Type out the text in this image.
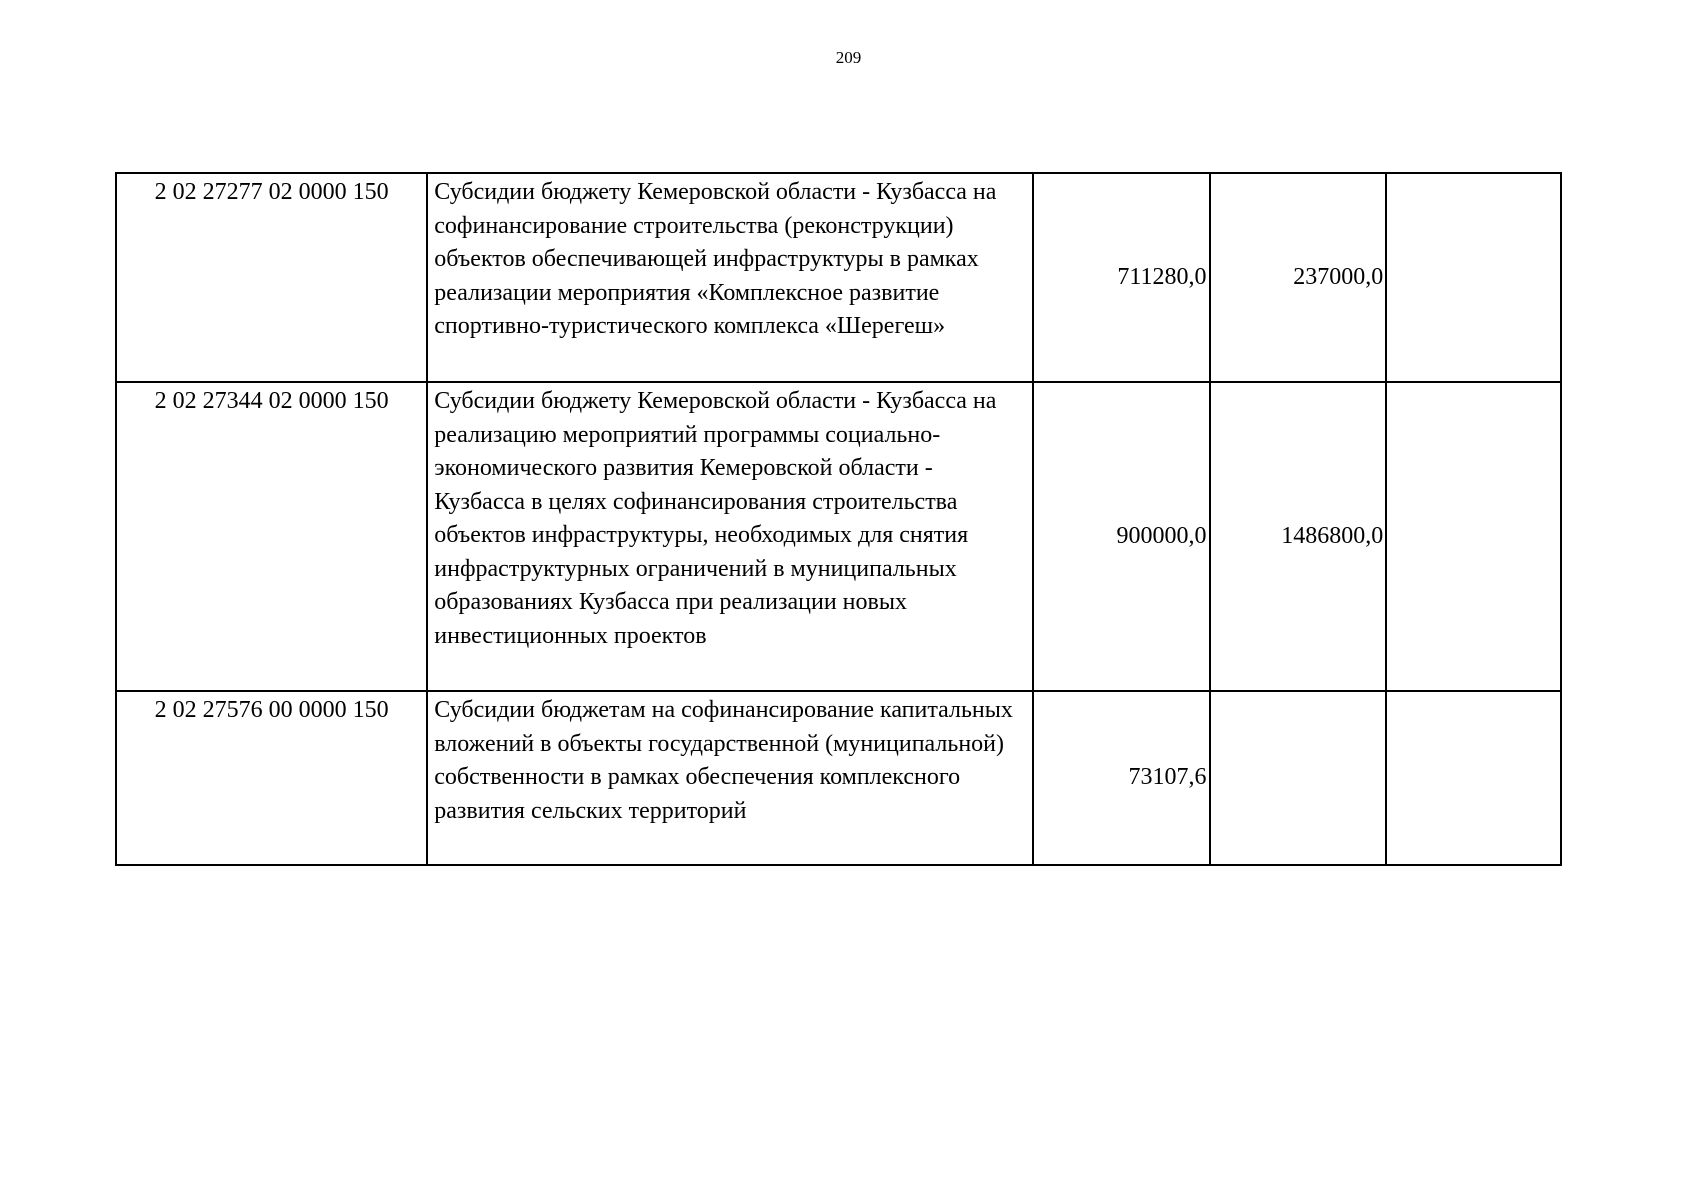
209
2 02 27277 02 0000 150	Субсидии бюджету Кемеровской области - Кузбасса на софинансирование строительства (реконструкции) объектов обеспечивающей инфраструктуры в рамках реализации мероприятия «Комплексное развитие спортивно-туристического комплекса «Шерегеш»	711280,0	237000,0	
2 02 27344 02 0000 150	Субсидии бюджету Кемеровской области - Кузбасса на реализацию мероприятий программы социально-экономического развития Кемеровской области - Кузбасса в целях софинансирования строительства объектов инфраструктуры, необходимых для снятия инфраструктурных ограничений в муниципальных образованиях Кузбасса при реализации новых инвестиционных проектов	900000,0	1486800,0	
2 02 27576 00 0000 150	Субсидии бюджетам на софинансирование капитальных вложений в объекты государственной (муниципальной) собственности в рамках обеспечения комплексного развития сельских территорий	73107,6		
